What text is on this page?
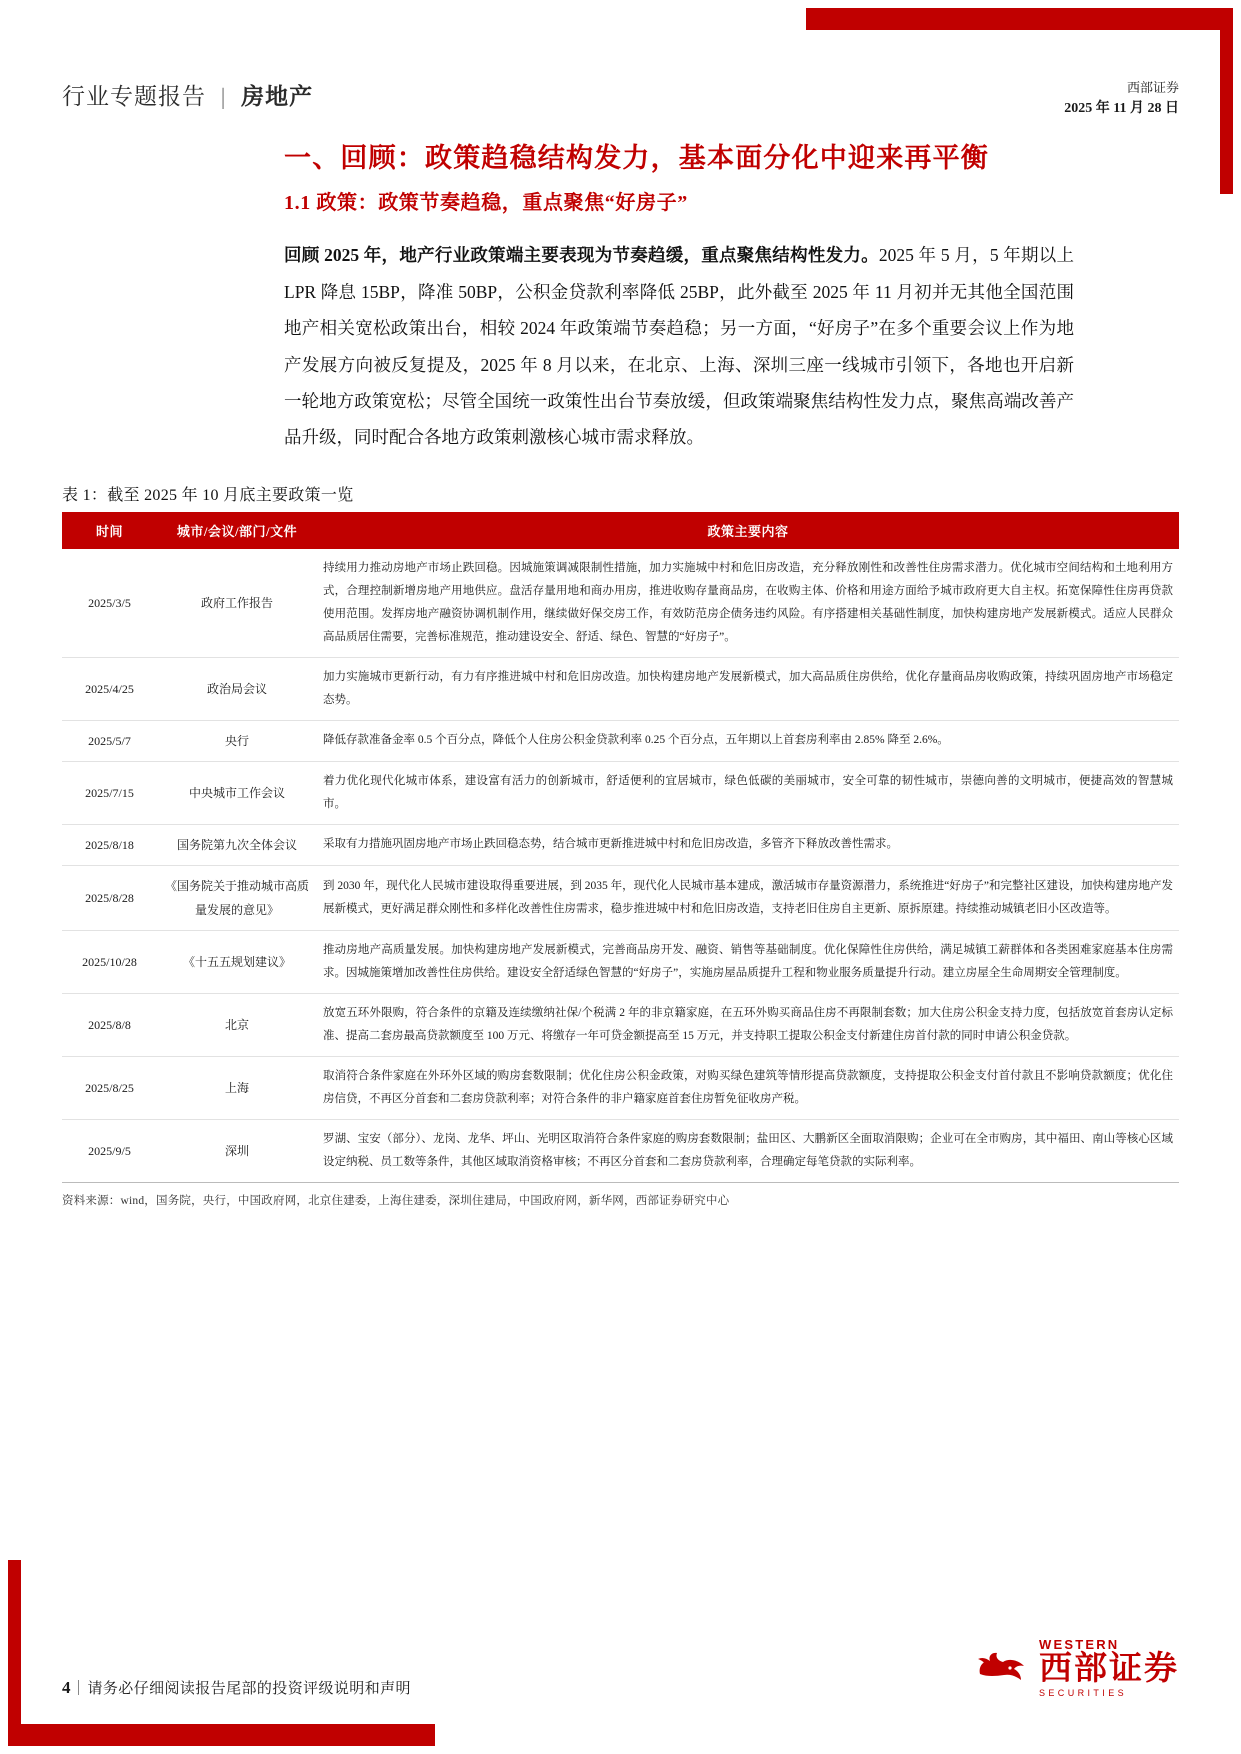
行业专题报告 | 房地产	西部证券
2025 年 11 月 28 日
一、回顾：政策趋稳结构发力，基本面分化中迎来再平衡
1.1 政策：政策节奏趋稳，重点聚焦“好房子”

回顾 2025 年，地产行业政策端主要表现为节奏趋缓，重点聚焦结构性发力。2025 年 5 月，5 年期以上 LPR 降息 15BP，降准 50BP，公积金贷款利率降低 25BP，此外截至 2025 年 11 月初并无其他全国范围地产相关宽松政策出台，相较 2024 年政策端节奏趋稳；另一方面，“好房子”在多个重要会议上作为地产发展方向被反复提及，2025 年 8 月以来，在北京、上海、深圳三座一线城市引领下，各地也开启新一轮地方政策宽松；尽管全国统一政策性出台节奏放缓，但政策端聚焦结构性发力点，聚焦高端改善产品升级，同时配合各地方政策刺激核心城市需求释放。

表 1：截至 2025 年 10 月底主要政策一览
时间	城市/会议/部门/文件	政策主要内容
2025/3/5	政府工作报告	持续用力推动房地产市场止跌回稳。因城施策调减限制性措施，加力实施城中村和危旧房改造，充分释放刚性和改善性住房需求潜力。优化城市空间结构和土地利用方式，合理控制新增房地产用地供应。盘活存量用地和商办用房，推进收购存量商品房，在收购主体、价格和用途方面给予城市政府更大自主权。拓宽保障性住房再贷款使用范围。发挥房地产融资协调机制作用，继续做好保交房工作，有效防范房企债务违约风险。有序搭建相关基础性制度，加快构建房地产发展新模式。适应人民群众高品质居住需要，完善标准规范，推动建设安全、舒适、绿色、智慧的“好房子”。
2025/4/25	政治局会议	加力实施城市更新行动，有力有序推进城中村和危旧房改造。加快构建房地产发展新模式，加大高品质住房供给，优化存量商品房收购政策，持续巩固房地产市场稳定态势。
2025/5/7	央行	降低存款准备金率 0.5 个百分点，降低个人住房公积金贷款利率 0.25 个百分点，五年期以上首套房利率由 2.85% 降至 2.6%。
2025/7/15	中央城市工作会议	着力优化现代化城市体系，建设富有活力的创新城市，舒适便利的宜居城市，绿色低碳的美丽城市，安全可靠的韧性城市，崇德向善的文明城市，便捷高效的智慧城市。
2025/8/18	国务院第九次全体会议	采取有力措施巩固房地产市场止跌回稳态势，结合城市更新推进城中村和危旧房改造，多管齐下释放改善性需求。
2025/8/28	《国务院关于推动城市高质量发展的意见》	到 2030 年，现代化人民城市建设取得重要进展，到 2035 年，现代化人民城市基本建成，激活城市存量资源潜力，系统推进“好房子”和完整社区建设，加快构建房地产发展新模式，更好满足群众刚性和多样化改善性住房需求，稳步推进城中村和危旧房改造，支持老旧住房自主更新、原拆原建。持续推动城镇老旧小区改造等。
2025/10/28	《十五五规划建议》	推动房地产高质量发展。加快构建房地产发展新模式，完善商品房开发、融资、销售等基础制度。优化保障性住房供给，满足城镇工薪群体和各类困难家庭基本住房需求。因城施策增加改善性住房供给。建设安全舒适绿色智慧的“好房子”，实施房屋品质提升工程和物业服务质量提升行动。建立房屋全生命周期安全管理制度。
2025/8/8	北京	放宽五环外限购，符合条件的京籍及连续缴纳社保/个税满 2 年的非京籍家庭，在五环外购买商品住房不再限制套数；加大住房公积金支持力度，包括放宽首套房认定标准、提高二套房最高贷款额度至 100 万元、将缴存一年可贷金额提高至 15 万元，并支持职工提取公积金支付新建住房首付款的同时申请公积金贷款。
2025/8/25	上海	取消符合条件家庭在外环外区域的购房套数限制；优化住房公积金政策，对购买绿色建筑等情形提高贷款额度，支持提取公积金支付首付款且不影响贷款额度；优化住房信贷，不再区分首套和二套房贷款利率；对符合条件的非户籍家庭首套住房暂免征收房产税。
2025/9/5	深圳	罗湖、宝安（部分）、龙岗、龙华、坪山、光明区取消符合条件家庭的购房套数限制；盐田区、大鹏新区全面取消限购；企业可在全市购房，其中福田、南山等核心区域设定纳税、员工数等条件，其他区域取消资格审核；不再区分首套和二套房贷款利率，合理确定每笔贷款的实际利率。
资料来源：wind，国务院，央行，中国政府网，北京住建委，上海住建委，深圳住建局，中国政府网，新华网，西部证券研究中心
4 请务必仔细阅读报告尾部的投资评级说明和声明
WESTERN
西部证券
SECURITIES
